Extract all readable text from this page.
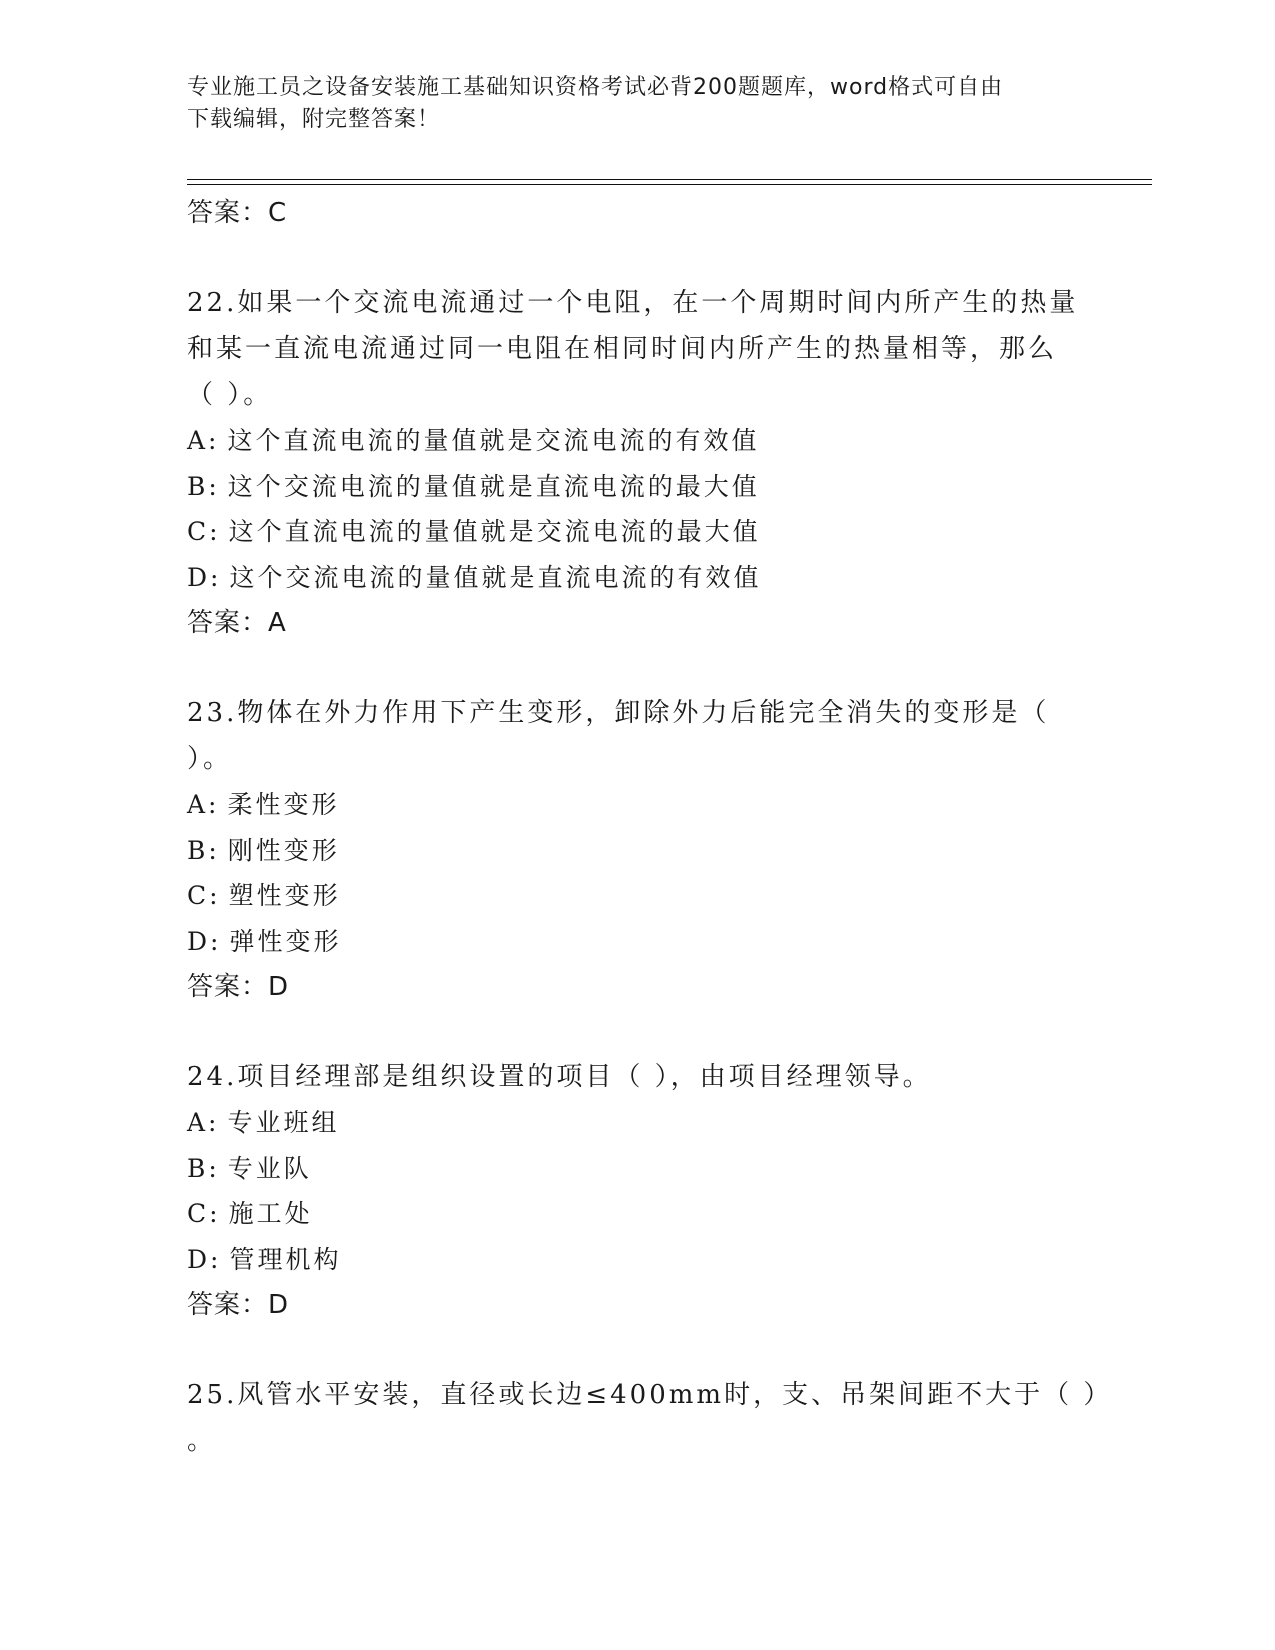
专业施工员之设备安装施工基础知识资格考试必背200题题库，word格式可自由
下载编辑，附完整答案！
答案：C
22.如果一个交流电流通过一个电阻，在一个周期时间内所产生的热量
和某一直流电流通过同一电阻在相同时间内所产生的热量相等，那么
（ ）。
A: 这个直流电流的量值就是交流电流的有效值
B: 这个交流电流的量值就是直流电流的最大值
C: 这个直流电流的量值就是交流电流的最大值
D: 这个交流电流的量值就是直流电流的有效值
答案：A
23.物体在外力作用下产生变形，卸除外力后能完全消失的变形是（
）。
A: 柔性变形
B: 刚性变形
C: 塑性变形
D: 弹性变形
答案：D
24.项目经理部是组织设置的项目（ ），由项目经理领导。
A: 专业班组
B: 专业队
C: 施工处
D: 管理机构
答案：D
25.风管水平安装，直径或长边≤400mm时，支、吊架间距不大于（ ）
。
